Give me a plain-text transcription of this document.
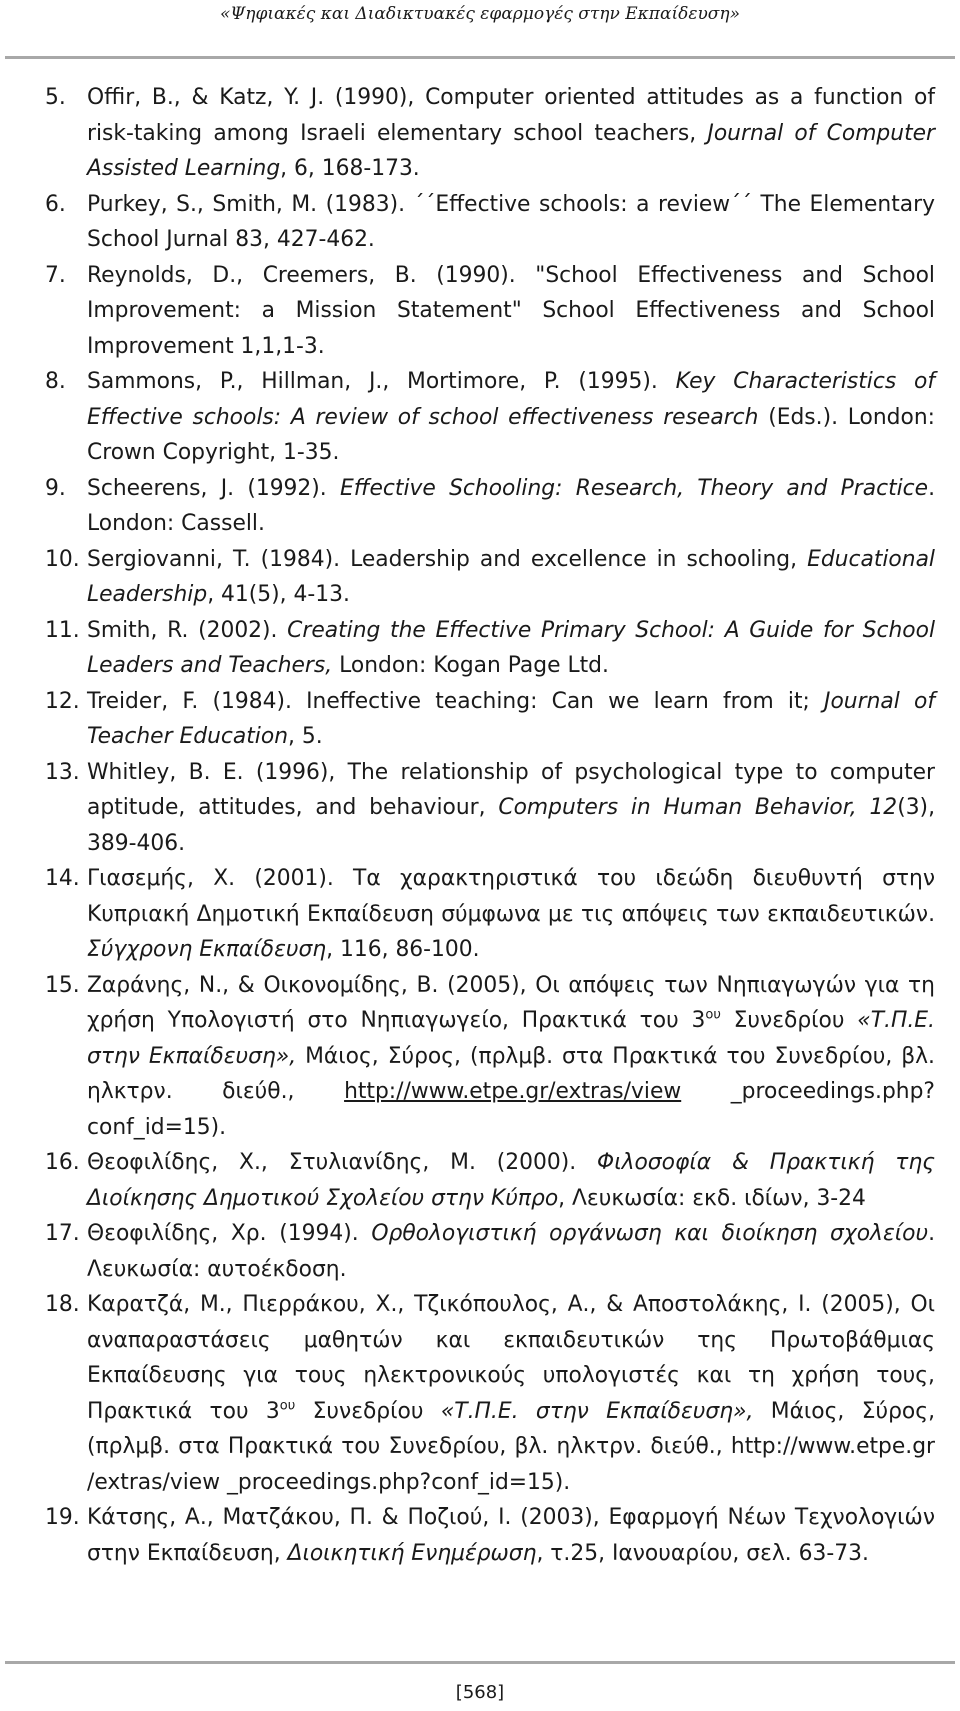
«Ψηφιακές και Διαδικτυακές εφαρμογές στην Εκπαίδευση»
5. Offir, B., & Katz, Y. J. (1990), Computer oriented attitudes as a function of risk-taking among Israeli elementary school teachers, Journal of Computer Assisted Learning, 6, 168-173.
6. Purkey, S., Smith, M. (1983). ΄΄Effective schools: a review΄΄ The Elementary School Jurnal 83, 427-462.
7. Reynolds, D., Creemers, B. (1990). "School Effectiveness and School Improvement: a Mission Statement" School Effectiveness and School Improvement 1,1,1-3.
8. Sammons, P., Hillman, J., Mortimore, P. (1995). Key Characteristics of Effective schools: A review of school effectiveness research (Eds.). London: Crown Copyright, 1-35.
9. Scheerens, J. (1992). Effective Schooling: Research, Theory and Practice. London: Cassell.
10. Sergiovanni, T. (1984). Leadership and excellence in schooling, Educational Leadership, 41(5), 4-13.
11. Smith, R. (2002). Creating the Effective Primary School: A Guide for School Leaders and Teachers, London: Kogan Page Ltd.
12. Treider, F. (1984). Ineffective teaching: Can we learn from it; Journal of Teacher Education, 5.
13. Whitley, B. E. (1996), The relationship of psychological type to computer aptitude, attitudes, and behaviour, Computers in Human Behavior, 12(3), 389-406.
14. Γιασεμής, Χ. (2001). Τα χαρακτηριστικά του ιδεώδη διευθυντή στην Κυπριακή Δημοτική Εκπαίδευση σύμφωνα με τις απόψεις των εκπαιδευτικών. Σύγχρονη Εκπαίδευση, 116, 86-100.
15. Ζαράνης, Ν., & Οικονομίδης, Β. (2005), Οι απόψεις των Νηπιαγωγών για τη χρήση Υπολογιστή στο Νηπιαγωγείο, Πρακτικά του $3^{o\upsilon}$ Συνεδρίου «Τ.Π.Ε. στην Εκπαίδευση», Μάιος, Σύρος, (πρλμβ. στα Πρακτικά του Συνεδρίου, βλ. ηλκτρν. διεύθ., http://www.etpe.gr/extras/view _proceedings.php?conf_id=15).
16. Θεοφιλίδης, Χ., Στυλιανίδης, Μ. (2000). Φιλοσοφία & Πρακτική της Διοίκησης Δημοτικού Σχολείου στην Κύπρο, Λευκωσία: εκδ. ιδίων, 3-24
17. Θεοφιλίδης, Χρ. (1994). Ορθολογιστική οργάνωση και διοίκηση σχολείου. Λευκωσία: αυτοέκδοση.
18. Καρατζά, Μ., Πιερράκου, Χ., Τζικόπουλος, Α., & Αποστολάκης, Ι. (2005), Οι αναπαραστάσεις μαθητών και εκπαιδευτικών της Πρωτοβάθμιας Εκπαίδευσης για τους ηλεκτρονικούς υπολογιστές και τη χρήση τους, Πρακτικά του $3^{o\upsilon}$ Συνεδρίου «Τ.Π.Ε. στην Εκπαίδευση», Μάιος, Σύρος, (πρλμβ. στα Πρακτικά του Συνεδρίου, βλ. ηλκτρν. διεύθ., http://www.etpe.gr /extras/view _proceedings.php?conf_id=15).
19. Κάτσης, Α., Ματζάκου, Π. & Ποζιού, Ι. (2003), Εφαρμογή Νέων Τεχνολογιών στην Εκπαίδευση, Διοικητική Ενημέρωση, τ.25, Ιανουαρίου, σελ. 63-73.
[568]
